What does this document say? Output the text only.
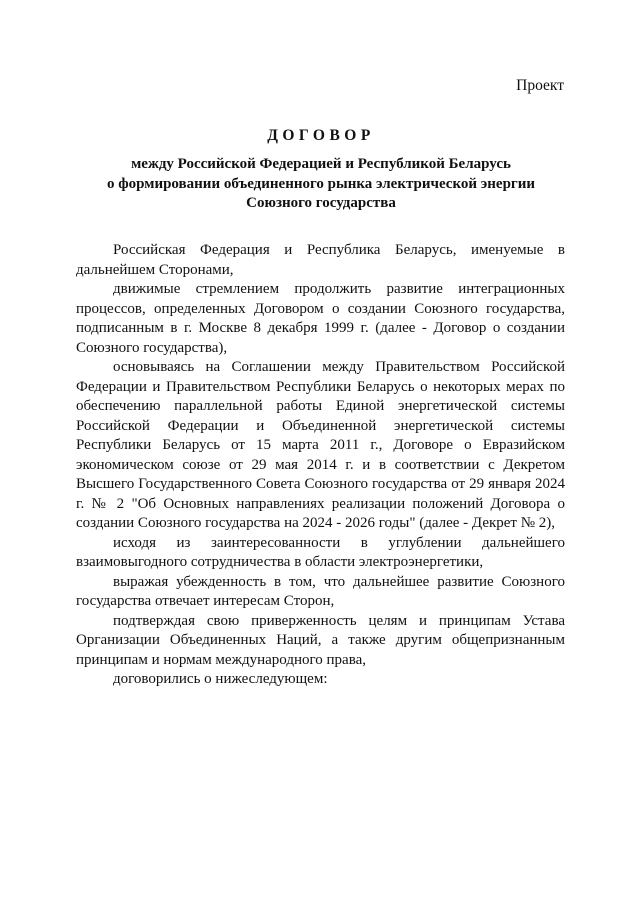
Проект
ДОГОВОР
между Российской Федерацией и Республикой Беларусь
о формировании объединенного рынка электрической энергии
Союзного государства

Российская Федерация и Республика Беларусь, именуемые в дальнейшем Сторонами,

движимые стремлением продолжить развитие интеграционных процессов, определенных Договором о создании Союзного государства, подписанным в г. Москве 8 декабря 1999 г. (далее - Договор о создании Союзного государства),

основываясь на Соглашении между Правительством Российской Федерации и Правительством Республики Беларусь о некоторых мерах по обеспечению параллельной работы Единой энергетической системы Российской Федерации и Объединенной энергетической системы Республики Беларусь от 15 марта 2011 г., Договоре о Евразийском экономическом союзе от 29 мая 2014 г. и в соответствии с Декретом Высшего Государственного Совета Союзного государства от 29 января 2024 г. № 2 "Об Основных направлениях реализации положений Договора о создании Союзного государства на 2024 - 2026 годы" (далее - Декрет № 2),

исходя из заинтересованности в углублении дальнейшего взаимовыгодного сотрудничества в области электроэнергетики,

выражая убежденность в том, что дальнейшее развитие Союзного государства отвечает интересам Сторон,

подтверждая свою приверженность целям и принципам Устава Организации Объединенных Наций, а также другим общепризнанным принципам и нормам международного права,

договорились о нижеследующем:
